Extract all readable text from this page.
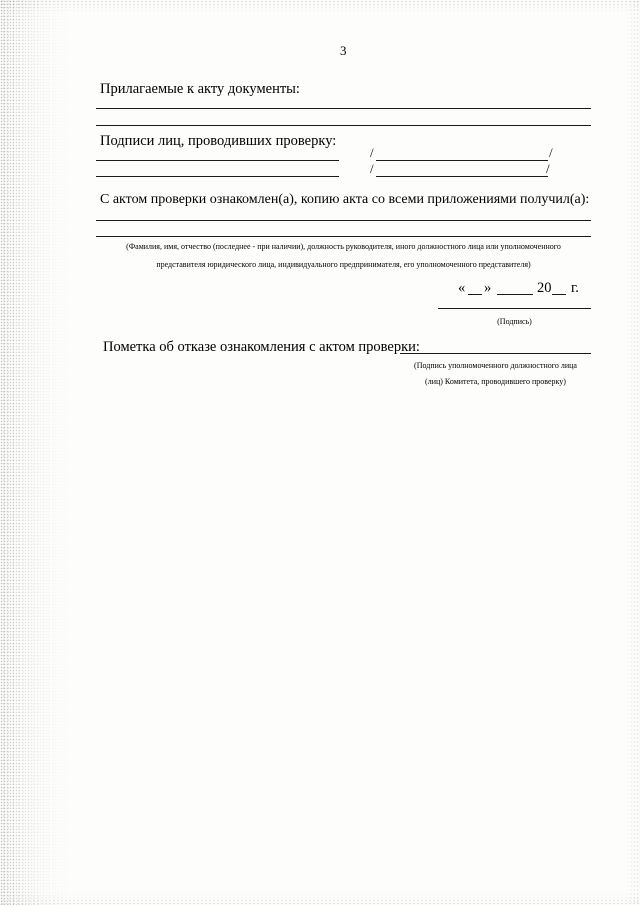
3
Прилагаемые к акту документы:
Подписи лиц, проводивших проверку:
/	/
/	/
С актом проверки ознакомлен(а), копию акта со всеми приложениями получил(а):
(Фамилия, имя, отчество (последнее - при наличии), должность руководителя, иного должностного лица или уполномоченного
представителя юридического лица, индивидуального предпринимателя, его уполномоченного представителя)
« »	20 г.
(Подпись)
Пометка об отказе ознакомления с актом проверки:
(Подпись уполномоченного должностного лица
(лиц) Комитета, проводившего проверку)
